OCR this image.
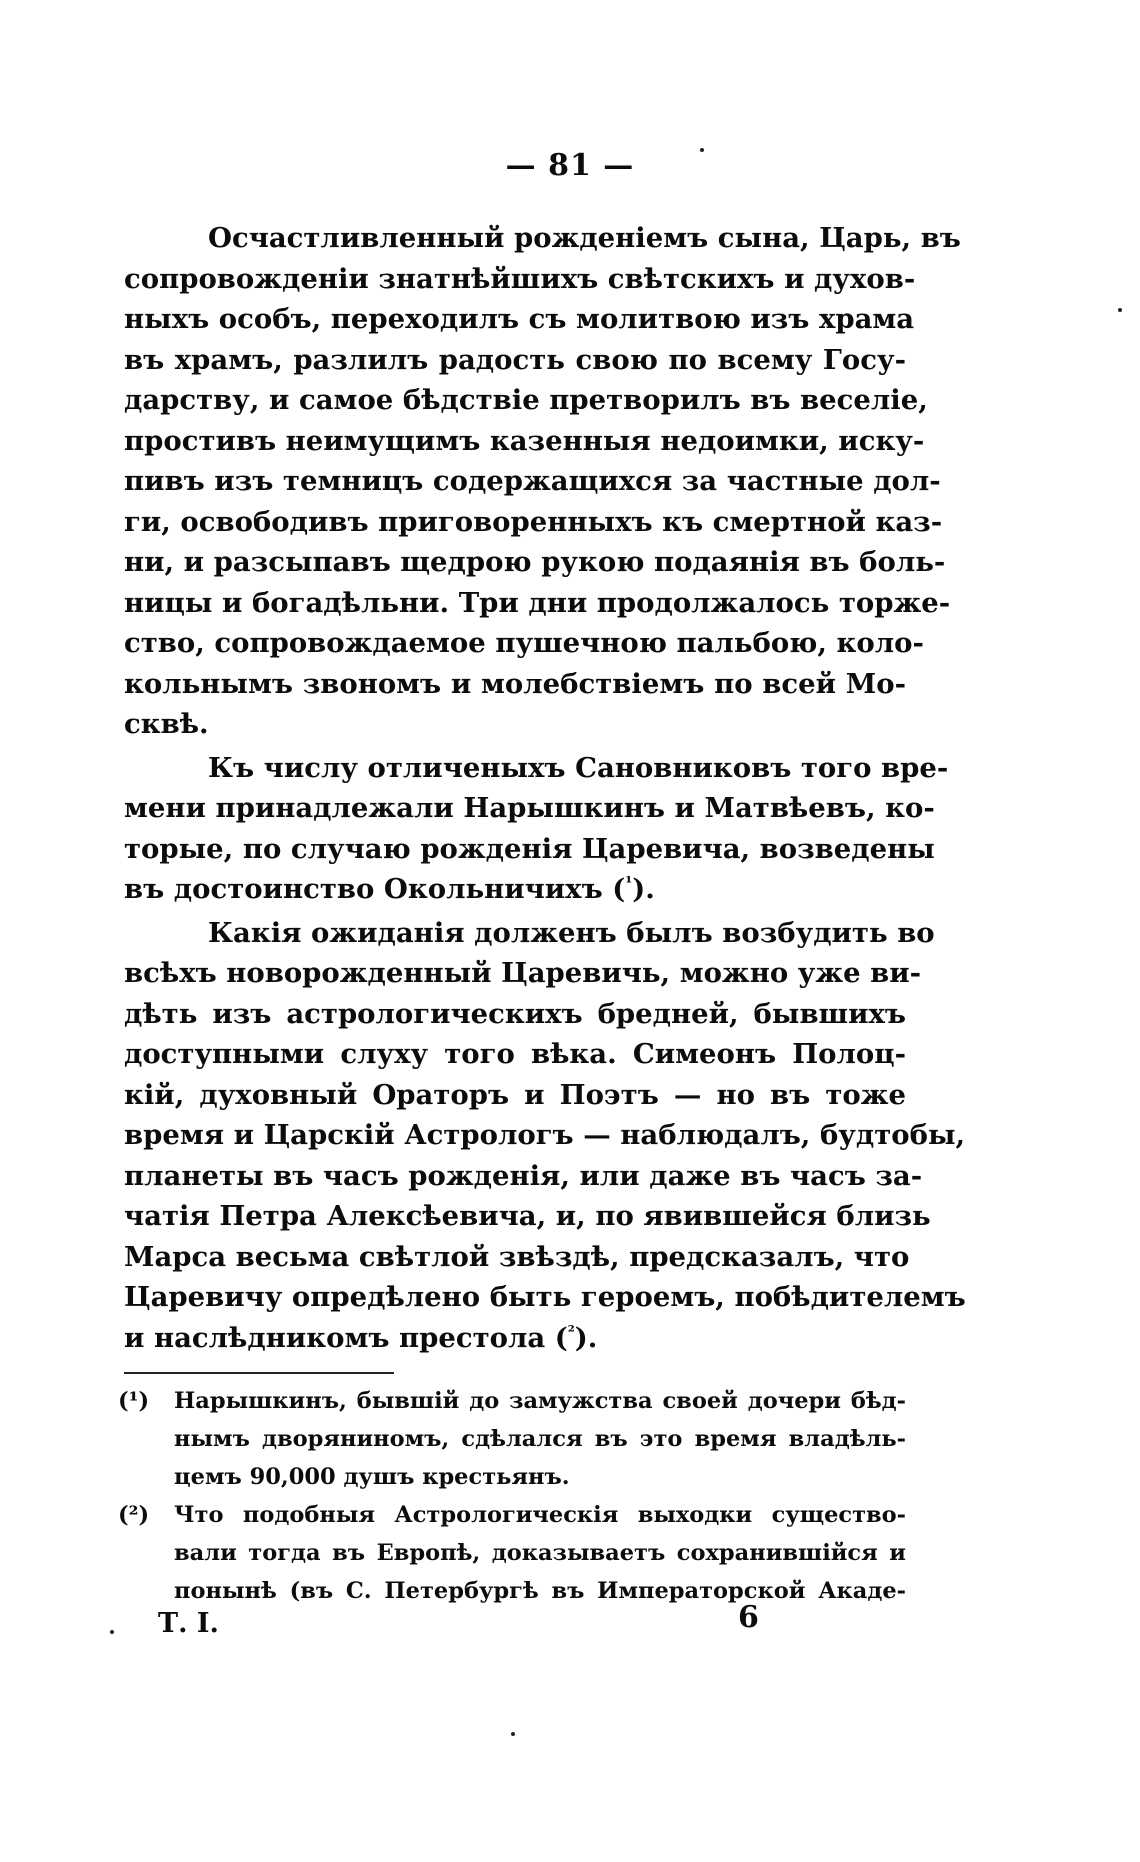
— 81 —
Осчастливленный рожденіемъ сына, Царь, въ
сопровожденіи знатнѣйшихъ свѣтскихъ и духов-
ныхъ особъ, переходилъ съ молитвою изъ храма
въ храмъ, разлилъ радость свою по всему Госу-
дарству, и самое бѣдствіе претворилъ въ веселіе,
простивъ неимущимъ казенныя недоимки, иску-
пивъ изъ темницъ содержащихся за частные дол-
ги, освободивъ приговоренныхъ къ смертной каз-
ни, и разсыпавъ щедрою рукою подаянія въ боль-
ницы и богадѣльни. Три дни продолжалось торже-
ство, сопровождаемое пушечною пальбою, коло-
кольнымъ звономъ и молебствіемъ по всей Мо-
сквѣ.
Къ числу отличеныхъ Сановниковъ того вре-
мени принадлежали Нарышкинъ и Матвѣевъ, ко-
торые, по случаю рожденія Царевича, возведены
въ достоинство Окольничихъ ($^{^1}$).
Какія ожиданія долженъ былъ возбудить во
всѣхъ новорожденный Царевичь, можно уже ви-
дѣть изъ астрологическихъ бредней, бывшихъ
доступными слуху того вѣка. Симеонъ Полоц-
кій, духовный Ораторъ и Поэтъ — но въ тоже
время и Царскій Астрологъ — наблюдалъ, будтобы,
планеты въ часъ рожденія, или даже въ часъ за-
чатія Петра Алексѣевича, и, по явившейся близь
Марса весьма свѣтлой звѣздѣ, предсказалъ, что
Царевичу опредѣлено быть героемъ, побѣдителемъ
и наслѣдникомъ престола ($^{^2}$).
(¹) Нарышкинъ, бывшій до замужства своей дочери бѣд-
нымъ дворяниномъ, сдѣлался въ это время владѣль-
цемъ 90,000 душъ крестьянъ.
(²) Что подобныя Астрологическія выходки существо-
вали тогда въ Европѣ, доказываетъ сохранившійся и
понынѣ (въ С. Петербургѣ въ Императорской Акаде-
Т. I.	6
